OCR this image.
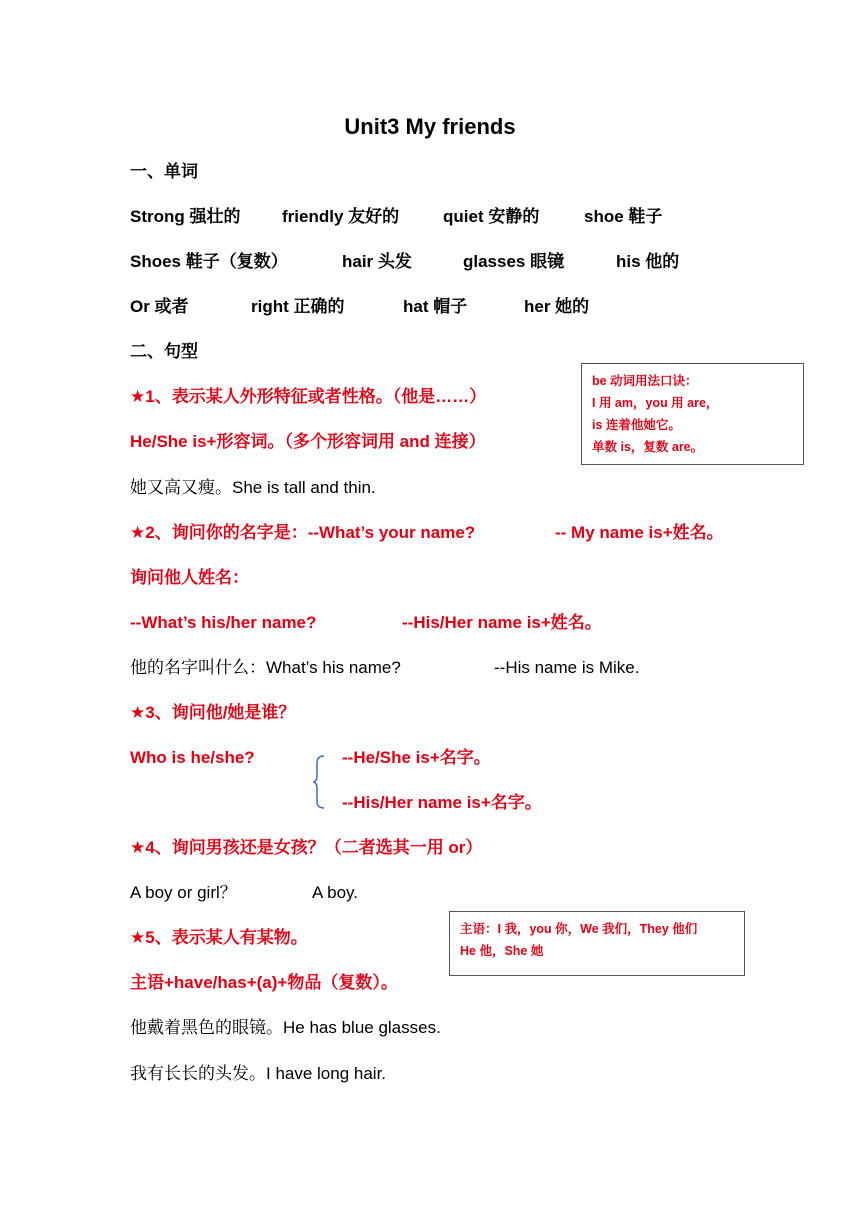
Unit3 My friends
一、单词
Strong 强壮的 friendly 友好的	quiet 安静的	shoe 鞋子
Shoes 鞋子（复数）	hair 头发	glasses 眼镜	his 他的
Or 或者	right 正确的	hat 帽子	her 她的
二、句型
★1、表示某人外形特征或者性格。（他是……）
He/She is+形容词。（多个形容词用 and 连接）
她又高又瘦。She is tall and thin.
be 动词用法口诀：
I 用 am，you 用 are，
is 连着他她它。
单数 is，复数 are。
★2、询问你的名字是：--What’s your name?	-- My name is+姓名。
询问他人姓名：
--What’s his/her name?	--His/Her name is+姓名。
他的名字叫什么：What’s his name?	--His name is Mike.
★3、询问他/她是谁？
Who is he/she?	--He/She is+名字。
--His/Her name is+名字。
★4、询问男孩还是女孩？（二者选其一用 or）
A boy or girl？	A boy.
主语：I 我，you 你，We 我们，They 他们
He 他，She 她
★5、表示某人有某物。
主语+have/has+(a)+物品（复数）。
他戴着黑色的眼镜。He has blue glasses.
我有长长的头发。I have long hair.
